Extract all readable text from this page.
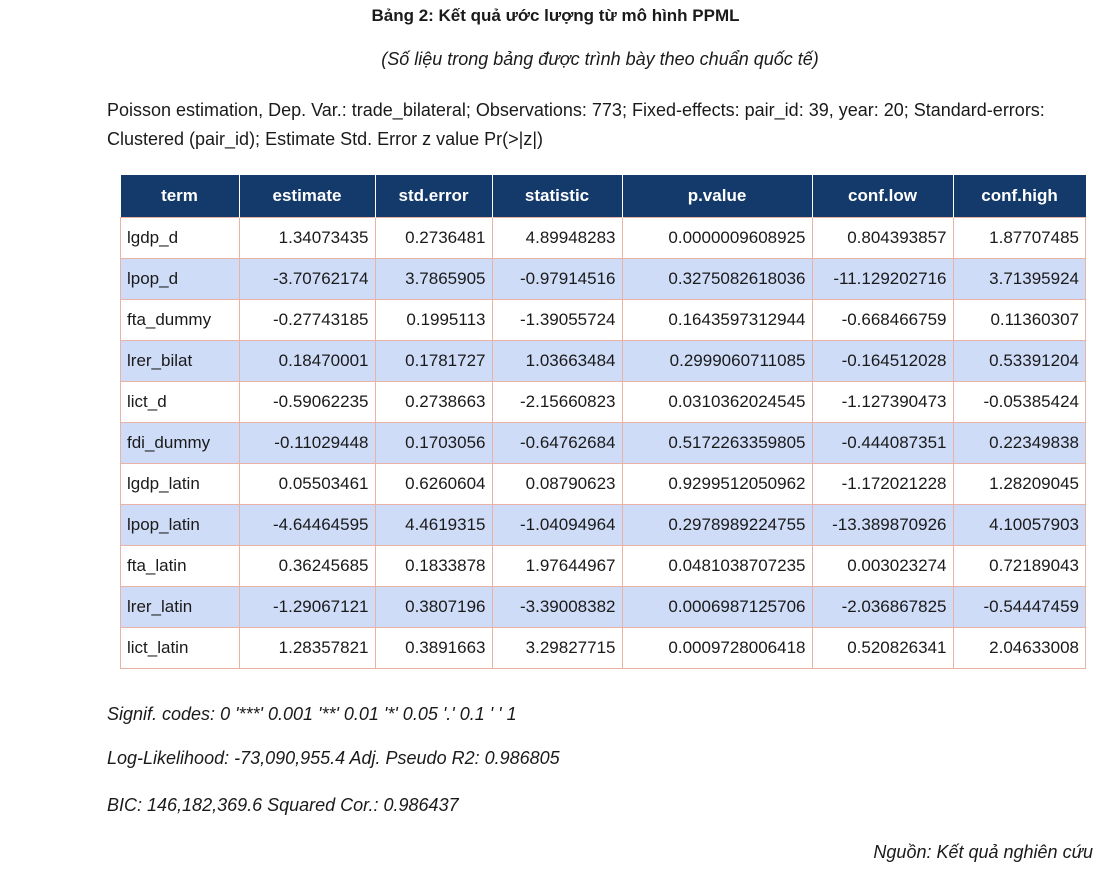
Bảng 2: Kết quả ước lượng từ mô hình PPML
(Số liệu trong bảng được trình bày theo chuẩn quốc tế)
Poisson estimation, Dep. Var.: trade_bilateral; Observations: 773; Fixed-effects: pair_id: 39, year: 20; Standard-errors: Clustered (pair_id); Estimate Std. Error z value Pr(>|z|)
term	estimate	std.error	statistic	p.value	conf.low	conf.high
lgdp_d	1.34073435	0.2736481	4.89948283	0.0000009608925	0.804393857	1.87707485
lpop_d	-3.70762174	3.7865905	-0.97914516	0.3275082618036	-11.129202716	3.71395924
fta_dummy	-0.27743185	0.1995113	-1.39055724	0.1643597312944	-0.668466759	0.11360307
lrer_bilat	0.18470001	0.1781727	1.03663484	0.2999060711085	-0.164512028	0.53391204
lict_d	-0.59062235	0.2738663	-2.15660823	0.0310362024545	-1.127390473	-0.05385424
fdi_dummy	-0.11029448	0.1703056	-0.64762684	0.5172263359805	-0.444087351	0.22349838
lgdp_latin	0.05503461	0.6260604	0.08790623	0.9299512050962	-1.172021228	1.28209045
lpop_latin	-4.64464595	4.4619315	-1.04094964	0.2978989224755	-13.389870926	4.10057903
fta_latin	0.36245685	0.1833878	1.97644967	0.0481038707235	0.003023274	0.72189043
lrer_latin	-1.29067121	0.3807196	-3.39008382	0.0006987125706	-2.036867825	-0.54447459
lict_latin	1.28357821	0.3891663	3.29827715	0.0009728006418	0.520826341	2.04633008
Signif. codes: 0 '***' 0.001 '**' 0.01 '*' 0.05 '.' 0.1 ' ' 1
Log-Likelihood: -73,090,955.4 Adj. Pseudo R2: 0.986805
BIC: 146,182,369.6 Squared Cor.: 0.986437
Nguồn: Kết quả nghiên cứu
